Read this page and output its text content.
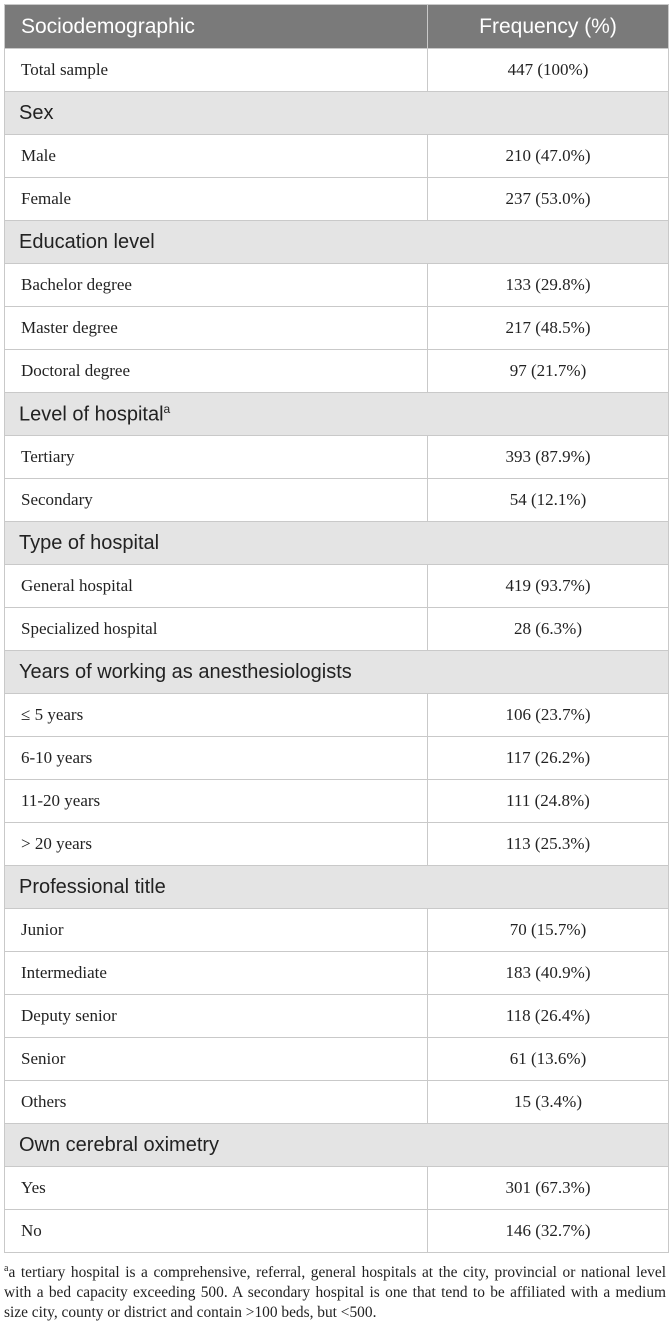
Sociodemographic	Frequency (%)
Total sample	447 (100%)
Sex	
Male	210 (47.0%)
Female	237 (53.0%)
Education level	
Bachelor degree	133 (29.8%)
Master degree	217 (48.5%)
Doctoral degree	97 (21.7%)
Level of hospital$^a$
Tertiary	393 (87.9%)
Secondary	54 (12.1%)
Type of hospital	
General hospital	419 (93.7%)
Specialized hospital	28 (6.3%)
Years of working as anesthesiologists	
≤ 5 years	106 (23.7%)
6-10 years	117 (26.2%)
11-20 years	111 (24.8%)
> 20 years	113 (25.3%)
Professional title	
Junior	70 (15.7%)
Intermediate	183 (40.9%)
Deputy senior	118 (26.4%)
Senior	61 (13.6%)
Others	15 (3.4%)
Own cerebral oximetry	
Yes	301 (67.3%)
No	146 (32.7%)
$^a$a tertiary hospital is a comprehensive, referral, general hospitals at the city, provincial or national level with a bed capacity exceeding 500. A secondary hospital is one that tend to be affiliated with a medium size city, county or district and contain >100 beds, but <500.
